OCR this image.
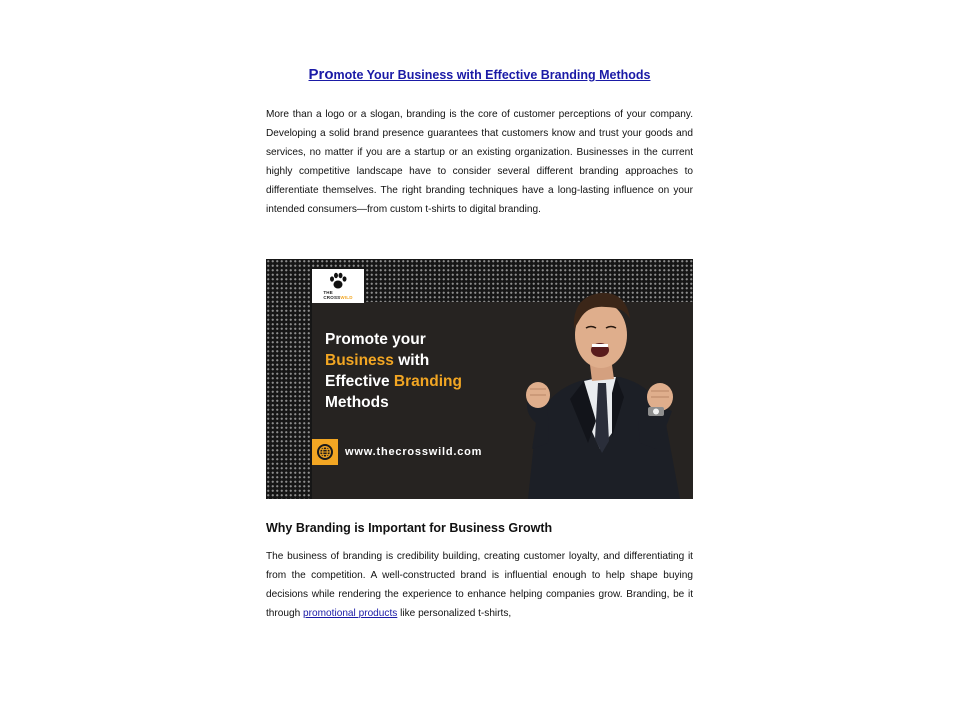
Promote Your Business with Effective Branding Methods

More than a logo or a slogan, branding is the core of customer perceptions of your company. Developing a solid brand presence guarantees that customers know and trust your goods and services, no matter if you are a startup or an existing organization. Businesses in the current highly competitive landscape have to consider several different branding approaches to differentiate themselves. The right branding techniques have a long-lasting influence on your intended consumers—from custom t-shirts to digital branding.

Why Branding is Important for Business Growth

The business of branding is credibility building, creating customer loyalty, and differentiating it from the competition. A well-constructed brand is influential enough to help shape buying decisions while rendering the experience to enhance helping companies grow. Branding, be it through promotional products like personalized t-shirts,

THE
CROSSWILD
Promote your
Business with
Effective Branding
Methods
www.thecrosswild.com
